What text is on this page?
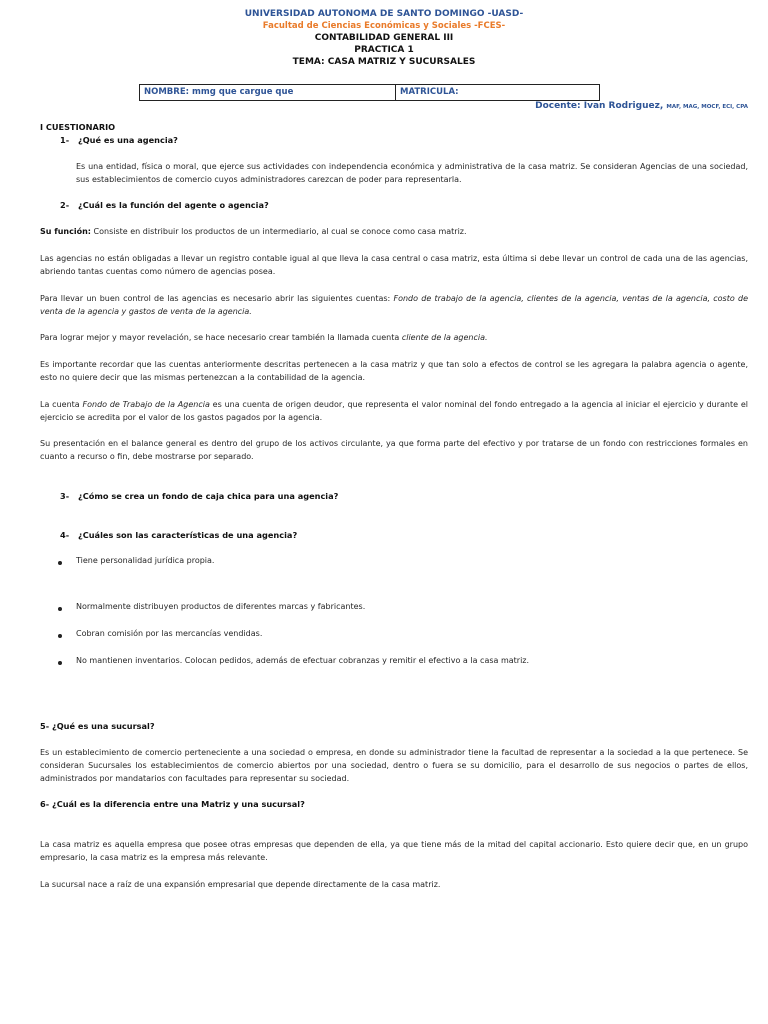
UNIVERSIDAD AUTONOMA DE SANTO DOMINGO -UASD-
Facultad de Ciencias Económicas y Sociales -FCES-
CONTABILIDAD GENERAL III
PRACTICA 1
TEMA: CASA MATRIZ Y SUCURSALES
NOMBRE: mmg que cargue que	MATRICULA:
Docente: Ivan Rodriguez, MAF, MAG, MOCF, ECI, CPA
I CUESTIONARIO
1- ¿Qué es una agencia?
Es una entidad, física o moral, que ejerce sus actividades con independencia económica y administrativa de la casa matriz. Se consideran Agencias de una sociedad, sus establecimientos de comercio cuyos administradores carezcan de poder para representarla.
2- ¿Cuál es la función del agente o agencia?
Su función: Consiste en distribuir los productos de un intermediario, al cual se conoce como casa matriz.
Las agencias no están obligadas a llevar un registro contable igual al que lleva la casa central o casa matriz, esta última si debe llevar un control de cada una de las agencias, abriendo tantas cuentas como número de agencias posea.
Para llevar un buen control de las agencias es necesario abrir las siguientes cuentas: Fondo de trabajo de la agencia, clientes de la agencia, ventas de la agencia, costo de venta de la agencia y gastos de venta de la agencia.
Para lograr mejor y mayor revelación, se hace necesario crear también la llamada cuenta cliente de la agencia.
Es importante recordar que las cuentas anteriormente descritas pertenecen a la casa matriz y que tan solo a efectos de control se les agregara la palabra agencia o agente, esto no quiere decir que las mismas pertenezcan a la contabilidad de la agencia.
La cuenta Fondo de Trabajo de la Agencia es una cuenta de origen deudor, que representa el valor nominal del fondo entregado a la agencia al iniciar el ejercicio y durante el ejercicio se acredita por el valor de los gastos pagados por la agencia.
Su presentación en el balance general es dentro del grupo de los activos circulante, ya que forma parte del efectivo y por tratarse de un fondo con restricciones formales en cuanto a recurso o fin, debe mostrarse por separado.
3- ¿Cómo se crea un fondo de caja chica para una agencia?
4- ¿Cuáles son las características de una agencia?
Tiene personalidad jurídica propia.
Normalmente distribuyen productos de diferentes marcas y fabricantes.
Cobran comisión por las mercancías vendidas.
No mantienen inventarios. Colocan pedidos, además de efectuar cobranzas y remitir el efectivo a la casa matriz.
5- ¿Qué es una sucursal?
Es un establecimiento de comercio perteneciente a una sociedad o empresa, en donde su administrador tiene la facultad de representar a la sociedad a la que pertenece. Se consideran Sucursales los establecimientos de comercio abiertos por una sociedad, dentro o fuera se su domicilio, para el desarrollo de sus negocios o partes de ellos, administrados por mandatarios con facultades para representar su sociedad.
6- ¿Cuál es la diferencia entre una Matriz y una sucursal?
La casa matriz es aquella empresa que posee otras empresas que dependen de ella, ya que tiene más de la mitad del capital accionario. Esto quiere decir que, en un grupo empresario, la casa matriz es la empresa más relevante.
La sucursal nace a raíz de una expansión empresarial que depende directamente de la casa matriz.
